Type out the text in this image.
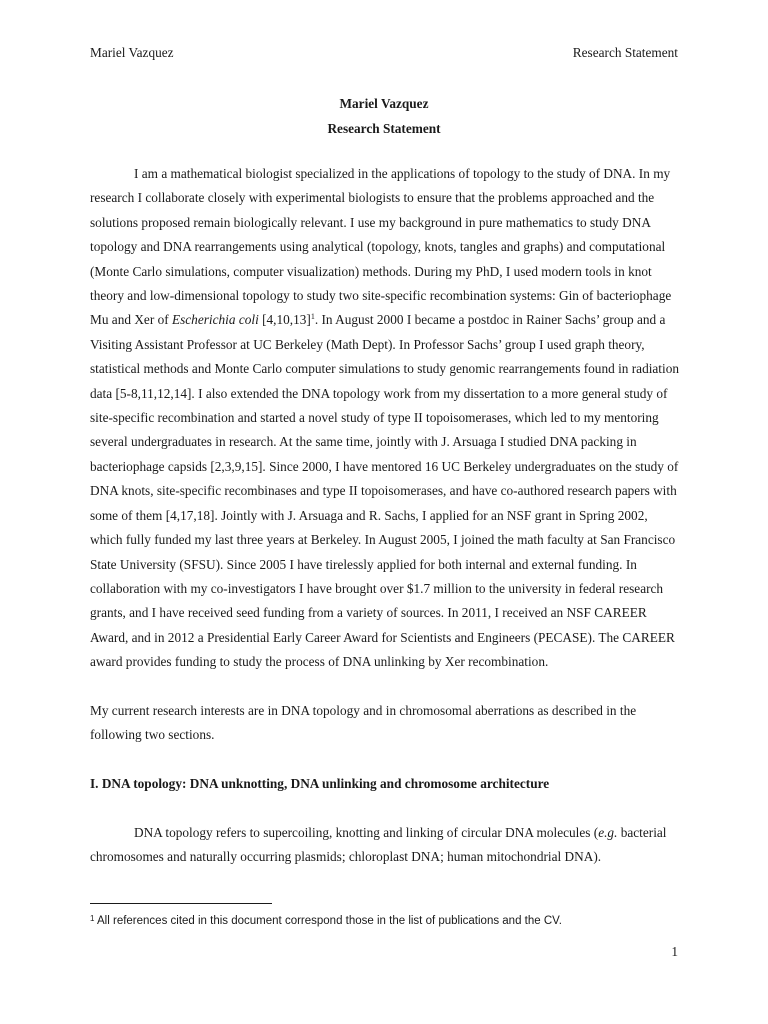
Mariel Vazquez	Research Statement
Mariel Vazquez
Research Statement

I am a mathematical biologist specialized in the applications of topology to the study of DNA. In my research I collaborate closely with experimental biologists to ensure that the problems approached and the solutions proposed remain biologically relevant. I use my background in pure mathematics to study DNA topology and DNA rearrangements using analytical (topology, knots, tangles and graphs) and computational (Monte Carlo simulations, computer visualization) methods. During my PhD, I used modern tools in knot theory and low-dimensional topology to study two site-specific recombination systems: Gin of bacteriophage Mu and Xer of Escherichia coli $[4,10,13]^1$. In August 2000 I became a postdoc in Rainer Sachs’ group and a Visiting Assistant Professor at UC Berkeley (Math Dept). In Professor Sachs’ group I used graph theory, statistical methods and Monte Carlo computer simulations to study genomic rearrangements found in radiation data [5-8,11,12,14]. I also extended the DNA topology work from my dissertation to a more general study of site-specific recombination and started a novel study of type II topoisomerases, which led to my mentoring several undergraduates in research. At the same time, jointly with J. Arsuaga I studied DNA packing in bacteriophage capsids [2,3,9,15]. Since 2000, I have mentored 16 UC Berkeley undergraduates on the study of DNA knots, site-specific recombinases and type II topoisomerases, and have co-authored research papers with some of them [4,17,18]. Jointly with J. Arsuaga and R. Sachs, I applied for an NSF grant in Spring 2002, which fully funded my last three years at Berkeley. In August 2005, I joined the math faculty at San Francisco State University (SFSU). Since 2005 I have tirelessly applied for both internal and external funding. In collaboration with my co-investigators I have brought over $1.7 million to the university in federal research grants, and I have received seed funding from a variety of sources. In 2011, I received an NSF CAREER Award, and in 2012 a Presidential Early Career Award for Scientists and Engineers (PECASE). The CAREER award provides funding to study the process of DNA unlinking by Xer recombination.

My current research interests are in DNA topology and in chromosomal aberrations as described in the following two sections.

I. DNA topology: DNA unknotting, DNA unlinking and chromosome architecture

DNA topology refers to supercoiling, knotting and linking of circular DNA molecules (e.g. bacterial chromosomes and naturally occurring plasmids; chloroplast DNA; human mitochondrial DNA).

$^1$ All references cited in this document correspond those in the list of publications and the CV.
1
